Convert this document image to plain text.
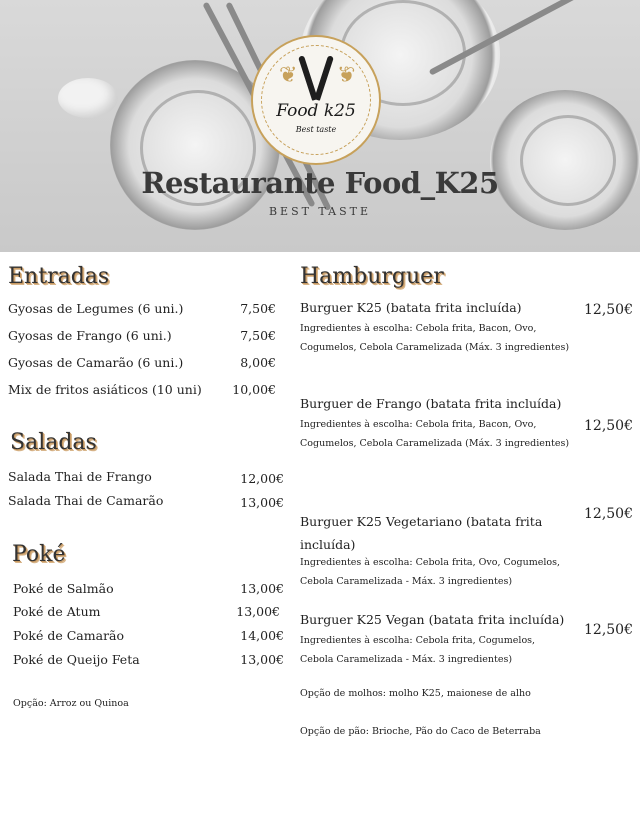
❦ ❦
Food k25
Best taste
Restaurante Food_K25
BEST TASTE
Entradas
Gyosas de Legumes (6 uni.)	7,50€
Gyosas de Frango (6 uni.)	7,50€
Gyosas de Camarão (6 uni.)	8,00€
Mix de fritos asiáticos (10 uni) 10,00€
Saladas
Salada Thai de Frango	12,00€
Salada Thai de Camarão	13,00€
Poké
Poké de Salmão	13,00€
Poké de Atum	13,00€
Poké de Camarão	14,00€
Poké de Queijo Feta	13,00€
Opção: Arroz ou Quinoa
Hamburguer
Burguer K25 (batata frita incluída)
Ingredientes à escolha: Cebola frita, Bacon, Ovo, Cogumelos, Cebola Caramelizada (Máx. 3 ingredientes)
12,50€
Burguer de Frango (batata frita incluída)
Ingredientes à escolha: Cebola frita, Bacon, Ovo, Cogumelos, Cebola Caramelizada (Máx. 3 ingredientes)
12,50€
Burguer K25 Vegetariano (batata frita incluída)
Ingredientes à escolha: Cebola frita, Ovo, Cogumelos, Cebola Caramelizada - Máx. 3 ingredientes)
12,50€
Burguer K25 Vegan (batata frita incluída)
Ingredientes à escolha: Cebola frita, Cogumelos, Cebola Caramelizada - Máx. 3 ingredientes)
12,50€
Opção de molhos: molho K25, maionese de alho
Opção de pão: Brioche, Pão do Caco de Beterraba
